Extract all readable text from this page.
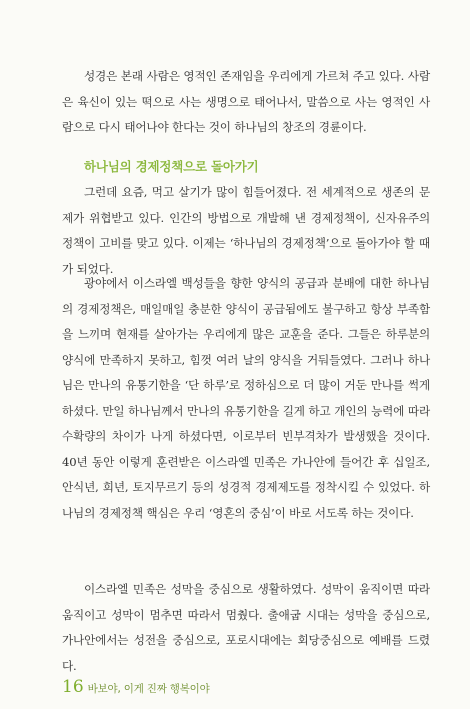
성경은 본래 사람은 영적인 존재임을 우리에게 가르쳐 주고 있다. 사람은 육신이 있는 떡으로 사는 생명으로 태어나서, 말씀으로 사는 영적인 사람으로 다시 태어나야 한다는 것이 하나님의 창조의 경륜이다.

하나님의 경제정책으로 돌아가기

그런데 요즘, 먹고 살기가 많이 힘들어졌다. 전 세계적으로 생존의 문제가 위협받고 있다. 인간의 방법으로 개발해 낸 경제정책이, 신자유주의 정책이 고비를 맞고 있다. 이제는 ‘하나님의 경제정책’으로 돌아가야 할 때가 되었다.

광야에서 이스라엘 백성들을 향한 양식의 공급과 분배에 대한 하나님의 경제정책은, 매일매일 충분한 양식이 공급됨에도 불구하고 항상 부족함을 느끼며 현재를 살아가는 우리에게 많은 교훈을 준다. 그들은 하루분의 양식에 만족하지 못하고, 힘껏 여러 날의 양식을 거둬들였다. 그러나 하나님은 만나의 유통기한을 ‘단 하루’로 정하심으로 더 많이 거둔 만나를 썩게 하셨다. 만일 하나님께서 만나의 유통기한을 길게 하고 개인의 능력에 따라 수확량의 차이가 나게 하셨다면, 이로부터 빈부격차가 발생했을 것이다. 40년 동안 이렇게 훈련받은 이스라엘 민족은 가나안에 들어간 후 십일조, 안식년, 희년, 토지무르기 등의 성경적 경제제도를 정착시킬 수 있었다. 하나님의 경제정책 핵심은 우리 ‘영혼의 중심’이 바로 서도록 하는 것이다.

이스라엘 민족은 성막을 중심으로 생활하였다. 성막이 움직이면 따라 움직이고 성막이 멈추면 따라서 멈췄다. 출애굽 시대는 성막을 중심으로, 가나안에서는 성전을 중심으로, 포로시대에는 회당중심으로 예배를 드렸다.

16 바보야, 이게 진짜 행복이야
